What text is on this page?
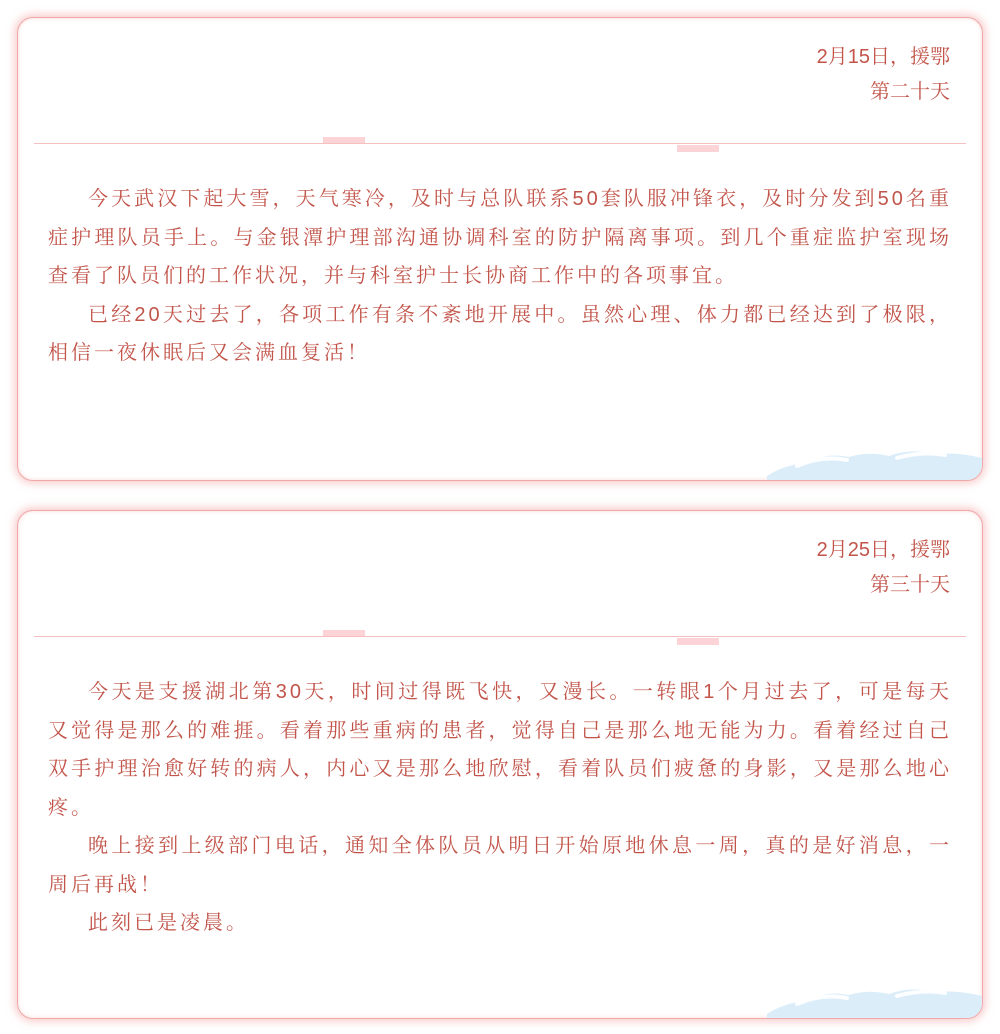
2月15日，援鄂
第二十天

今天武汉下起大雪，天气寒冷，及时与总队联系50套队服冲锋衣，及时分发到50名重症护理队员手上。与金银潭护理部沟通协调科室的防护隔离事项。到几个重症监护室现场查看了队员们的工作状况，并与科室护士长协商工作中的各项事宜。

已经20天过去了，各项工作有条不紊地开展中。虽然心理、体力都已经达到了极限，相信一夜休眠后又会满血复活！

2月25日，援鄂
第三十天

今天是支援湖北第30天，时间过得既飞快，又漫长。一转眼1个月过去了，可是每天又觉得是那么的难捱。看着那些重病的患者，觉得自己是那么地无能为力。看着经过自己双手护理治愈好转的病人，内心又是那么地欣慰，看着队员们疲惫的身影，又是那么地心疼。

晚上接到上级部门电话，通知全体队员从明日开始原地休息一周，真的是好消息，一周后再战！

此刻已是凌晨。
